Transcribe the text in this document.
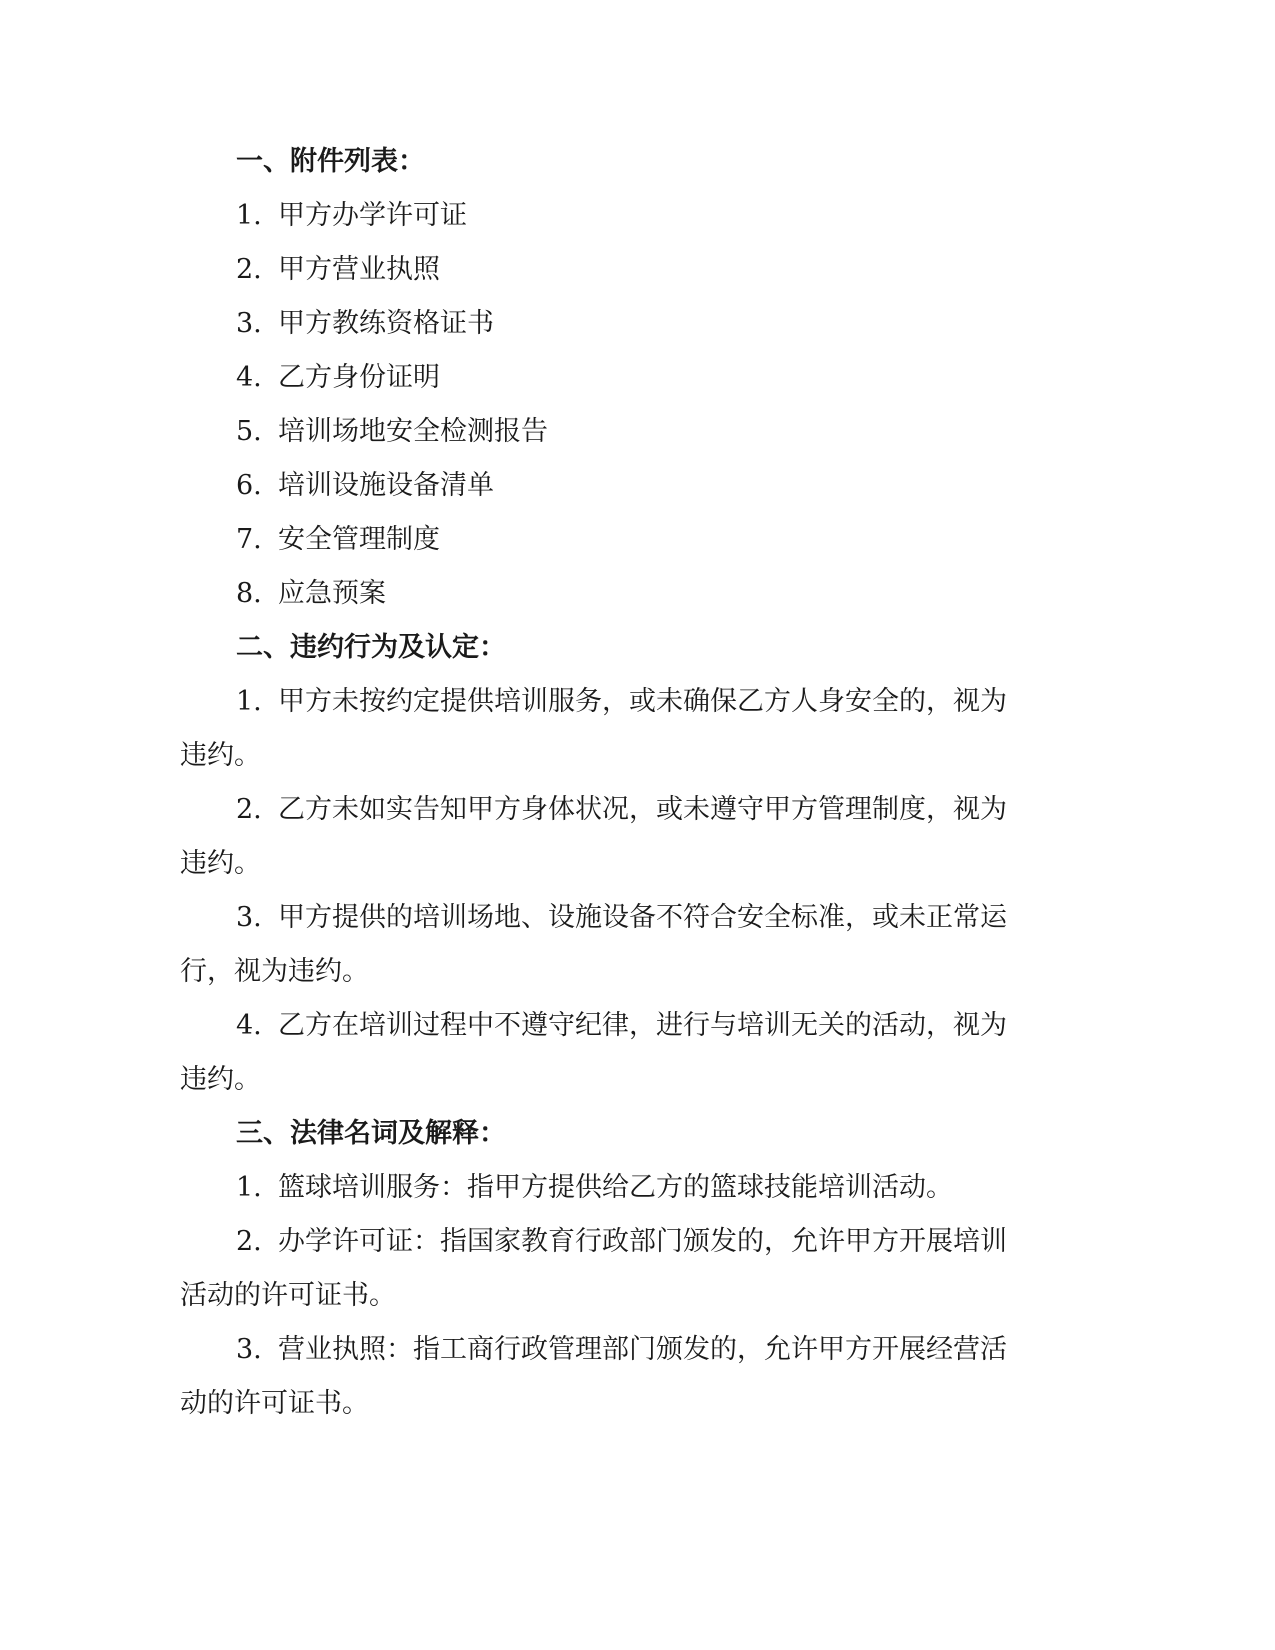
一、附件列表：
1. 甲方办学许可证
2. 甲方营业执照
3. 甲方教练资格证书
4. 乙方身份证明
5. 培训场地安全检测报告
6. 培训设施设备清单
7. 安全管理制度
8. 应急预案
二、违约行为及认定：
1. 甲方未按约定提供培训服务，或未确保乙方人身安全的，视为
违约。
2. 乙方未如实告知甲方身体状况，或未遵守甲方管理制度，视为
违约。
3. 甲方提供的培训场地、设施设备不符合安全标准，或未正常运
行，视为违约。
4. 乙方在培训过程中不遵守纪律，进行与培训无关的活动，视为
违约。
三、法律名词及解释：
1. 篮球培训服务：指甲方提供给乙方的篮球技能培训活动。
2. 办学许可证：指国家教育行政部门颁发的，允许甲方开展培训
活动的许可证书。
3. 营业执照：指工商行政管理部门颁发的，允许甲方开展经营活
动的许可证书。
